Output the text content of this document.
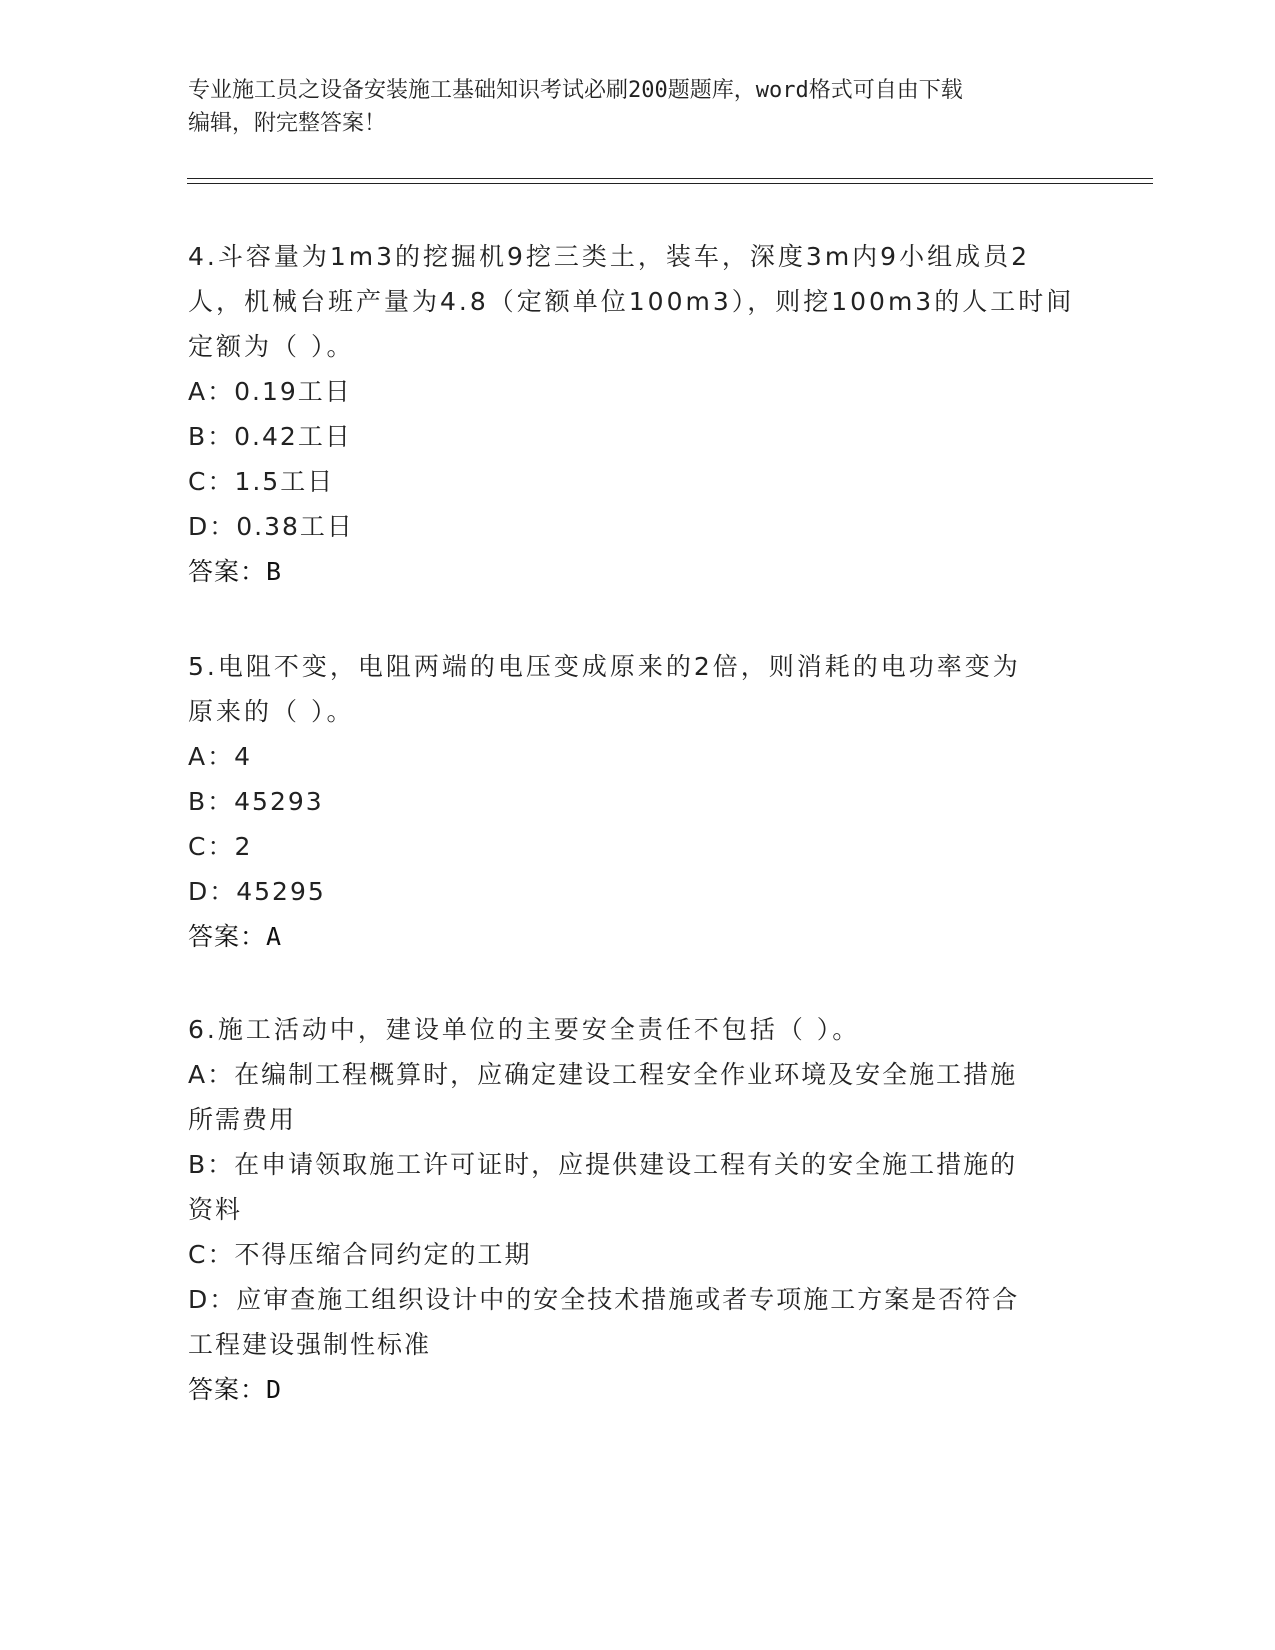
专业施工员之设备安装施工基础知识考试必刷200题题库，word格式可自由下载
编辑，附完整答案！
4.斗容量为1m3的挖掘机9挖三类土，装车，深度3m内9小组成员2
人，机械台班产量为4.8（定额单位100m3），则挖100m3的人工时间
定额为（ ）。
A：0.19工日
B：0.42工日
C：1.5工日
D：0.38工日
答案：B
5.电阻不变，电阻两端的电压变成原来的2倍，则消耗的电功率变为
原来的（ ）。
A：4
B：45293
C：2
D：45295
答案：A
6.施工活动中，建设单位的主要安全责任不包括（ ）。
A：在编制工程概算时，应确定建设工程安全作业环境及安全施工措施
所需费用
B：在申请领取施工许可证时，应提供建设工程有关的安全施工措施的
资料
C：不得压缩合同约定的工期
D：应审查施工组织设计中的安全技术措施或者专项施工方案是否符合
工程建设强制性标准
答案：D
